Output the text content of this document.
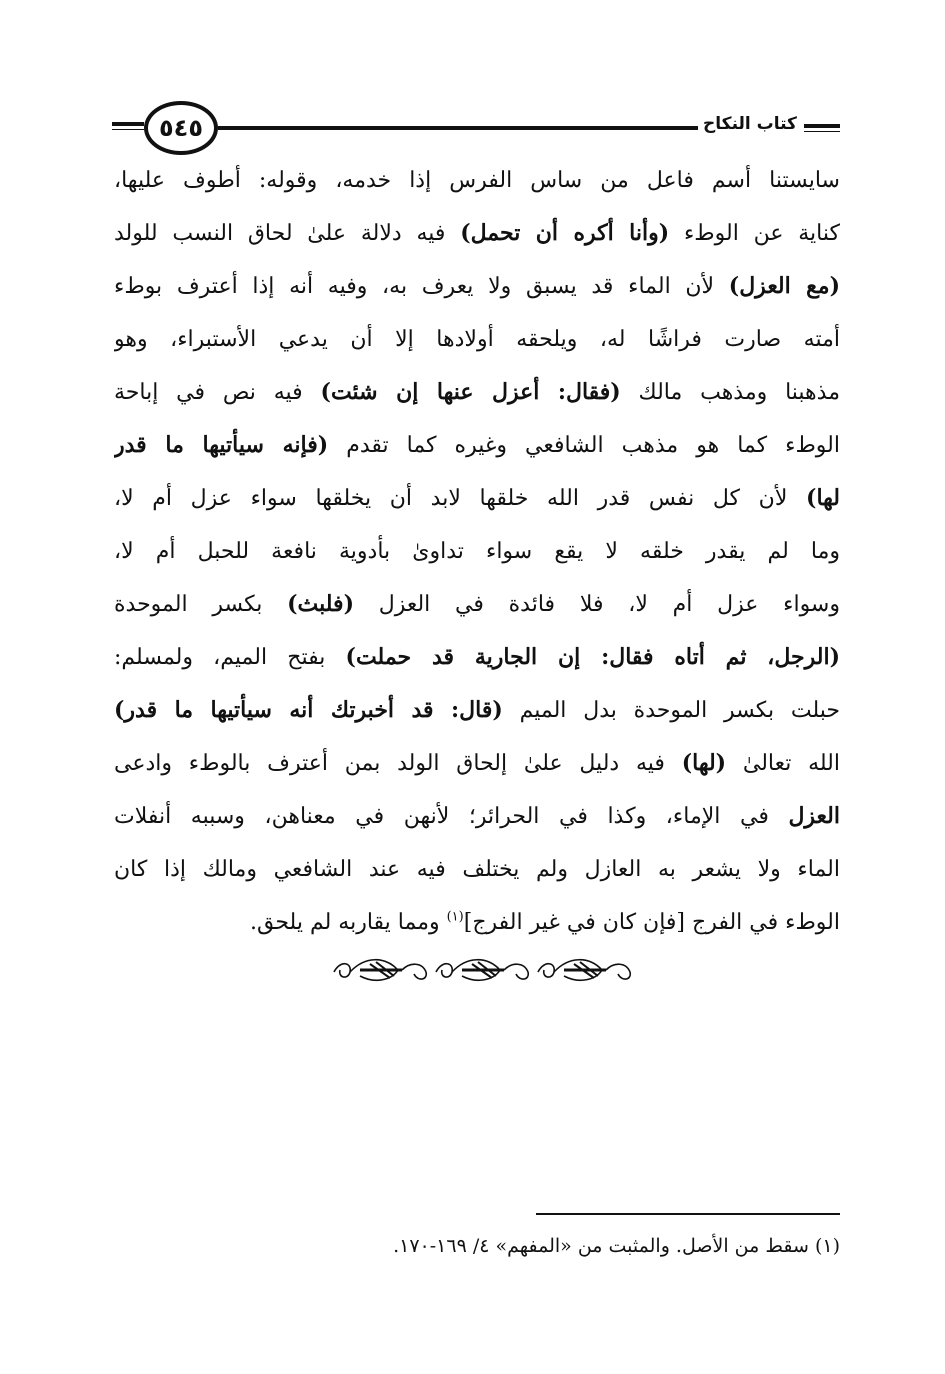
كتاب النكاح
٥٤٥
سايستنا أسم فاعل من ساس الفرس إذا خدمه، وقوله: أطوف عليها،
كناية عن الوطء (وأنا أكره أن تحمل) فيه دلالة علىٰ لحاق النسب للولد
(مع العزل) لأن الماء قد يسبق ولا يعرف به، وفيه أنه إذا أعترف بوطء
أمته صارت فراشًا له، ويلحقه أولادها إلا أن يدعي الأستبراء، وهو
مذهبنا ومذهب مالك (فقال: أعزل عنها إن شئت) فيه نص في إباحة
الوطء كما هو مذهب الشافعي وغيره كما تقدم (فإنه سيأتيها ما قدر
لها) لأن كل نفس قدر الله خلقها لابد أن يخلقها سواء عزل أم لا،
وما لم يقدر خلقه لا يقع سواء تداوىٰ بأدوية نافعة للحبل أم لا،
وسواء عزل أم لا، فلا فائدة في العزل (فلبث) بكسر الموحدة
(الرجل، ثم أتاه فقال: إن الجارية قد حملت) بفتح الميم، ولمسلم:
حبلت بكسر الموحدة بدل الميم (قال: قد أخبرتك أنه سيأتيها ما قدر)
الله تعالىٰ (لها) فيه دليل علىٰ إلحاق الولد بمن أعترف بالوطء وادعى
العزل في الإماء، وكذا في الحرائر؛ لأنهن في معناهن، وسببه أنفلات
الماء ولا يشعر به العازل ولم يختلف فيه عند الشافعي ومالك إذا كان
الوطء في الفرج [فإن كان في غير الفرج]$^{(١)}$ ومما يقاربه لم يلحق.
(١) سقط من الأصل. والمثبت من «المفهم» ٤/ ١٦٩-١٧٠.
